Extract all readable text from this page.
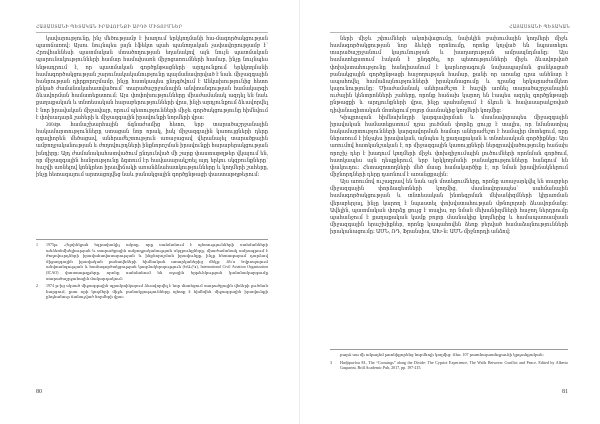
ՀԱՅԱՍՏԱՆԻ ՊԵՏԱԿԱՆ ԻՐԱՎՈՒՆՔԻ ԱՐԴԻ ՄԻՏՈՒՄՆԵՐ

կավարությունը, ինչ մեծությամբ է խաղում երկկողմանի հա-մագործակցության պատճառով։ Այսու նույնպես լայն էֆեկտ պահ պանողական չափավորությամբ է՝ Հրովհաննեսի պատմական մտածողության եղանակով այն նույն պատմական պարունակությունների համար համախառն միջոցառումների համար, ինչը նույնպես ենթադրում է, որ պատմական գործընթացների արդյունքում երկկողմանի համագործակցության շարունակականությունը պայմանավորված է նաև միջազգային հանրության դիրքորոշմամբ, ինչը հատկապես ընդգծվում է Անկախությունից հետո ընկած ժամանակահատվածում՝ տարածաշրջանային անվտանգության համակարգի ձևավորման համատեքստում։ Այս փոփոխությունները միաժամանակ ազդել են նաև քաղաքական և տնտեսական հարաբերությունների վրա, ինչի արդյունքում ձևավորվել է նոր իրավական միջավայր, որում պետությունների միջև գործակցությունը հիմնվում է փոխադարձ շահերի և միջազգային իրավունքի նորմերի վրա։

2004թ. համաշխարհային ճգնաժամից հետո, երբ տարածաշրջանային հակամարտությունները ստացան նոր որակ, իսկ միջազգային կառույցների դերը զգալիորեն մեծացավ, անհրաժեշտություն առաջացավ վերանայել տարածքային ամբողջականության և ժողովուրդների ինքնորոշման իրավունքի հարաբերակցության խնդիրը։ Այդ ժամանակահատվածում ընդունված մի շարք փաստաթղթեր վկայում են, որ միջազգային հանրությունը ձգտում էր հավասարակշռել այդ երկու սկզբունքները՝ հաշվի առնելով կոնկրետ իրավիճակի առանձնահատկությունները և կողմերի շահերը, ինչը հետագայում արտացոլվեց նաև բանակցային գործընթացի փաստաթղթերում։

1 1975թ. Հելսինկյան եզրափակիչ ակտը, որը սահմանում է պետությունների սահմանների անձեռնմխելիության և տարածքային ամբողջականության սկզբունքները, միաժամանակ ամրագրում է ժողովուրդների իրավահավասարության և ինքնորոշման իրավունքը, ինչը հետագայում դարձավ միջազգային իրավական բանավեճերի հիմնական առարկաներից մեկը։ Տե՛ս Եվրոպայում անվտանգության և համագործակցության կազմակերպություն (ԵԱՀԿ), International Civil Aviation Organization (ICAO) փաստաթղթերը, որոնք սահմանում են օդային երթևեկության կանոնակարգումը տարածաշրջանային մակարդակում։

2 1974 թ-ից սկսած միջազգային պրակտիկայում ձևավորվել է նոր մոտեցում տարածքային վեճերի լուծման հարցում, ըստ որի կողմերի միջև բանակցությունները պետք է հիմնվեն միջազգային իրավունքի ընդհանուր ճանաչված նորմերի վրա։

80
ՀԱՅԱՍՏԱՆԻ ՊԵՏԱԿԱՆ

ների միջև շփումների ակտիվացումը, նախկին բախումային կողմերի միջև համագործակցության նոր ձևերի որոնումը, որոնք կոչված են նպաստելու տարածաշրջանում կայունության և խաղաղության ամրապնդմանը։ Այս համատեքստում էական է ընդգծել, որ պետությունների միջև ձևավորված փոխվստահությունը հանդիսանում է կարևորագույն նախապայման ցանկացած բանակցային գործընթացի հաջողության համար, քանի որ առանց դրա անհնար է ապահովել համաձայնությունների իրականացումը և դրանց երկարաժամկետ կայունությունը։ Միաժամանակ անհրաժեշտ է հաշվի առնել տարածաշրջանային ուժային կենտրոնների շահերը, որոնք հաճախ կարող են էապես ազդել գործընթացի ընթացքի և արդյունքների վրա, ինչը պահանջում է ճկուն և հավասարակշռված դիվանագիտական մոտեցում բոլոր մասնակից կողմերի կողմից։

Կիպրոսյան հիմնախնդրի կարգավորման և մասնավորապես միջազգային իրավական համատեքստում դրա լուծման փորձը ցույց է տալիս, որ նմանատիպ հակամարտությունների կարգավորման համար անհրաժեշտ է համալիր մոտեցում, որը ներառում է ինչպես իրավական, այնպես էլ քաղաքական և տնտեսական գործիքներ։ Այս առումով հատկանշական է, որ միջազգային կառույցների ներգրավվածությունը հաճախ որոշիչ դեր է խաղում կողմերի միջև փոխզիջումային լուծումների որոնման գործում, հատկապես այն դեպքերում, երբ երկկողմանի բանակցությունները հանգում են փակուղու։ Հետազոտողների մեծ մասը համակարծիք է, որ նման իրավիճակներում միջնորդների դերը դառնում է առանցքային։

Այս առումով ուշագրավ են նաև այն մոտեցումները, որոնք առաջարկվել են տարբեր միջազգային փորձագետների կողմից, մասնավորապես՝ սահմանային համագործակցության և տնտեսական ինտեգրման մեխանիզմների կիրառման վերաբերյալ, ինչը կարող է նպաստել փոխվստահության մթնոլորտի ձևավորմանը։ Ավելին, պատմական փորձը ցույց է տալիս, որ նման մեխանիզմների հաջող ներդրումը պահանջում է քաղաքական կամք բոլոր մասնակից կողմերից և համապատասխան միջազգային երաշխիքներ, որոնք կապահովեն ձեռք բերված համաձայնությունների իրականացումը։ ԱՄՆ, ՌԴ, Ֆրանսիա, ԱԽ-ն։ ԱՄՆ միջնորդի անձով։

բարձ սա մի ակադեմ թոռնիքորենց նորմնոյի կողմից։ Տես. 107 րատնայատնդյաւնի կրդանքական։

3 Hadjipavlou M., The “Crossings” along the Divide: The Cypriot Experience, The Walls Between: Conflict and Peace, Edited by Alberto Gasparini, Brill Academic Pub, 2017, pp. 197-215.

81
